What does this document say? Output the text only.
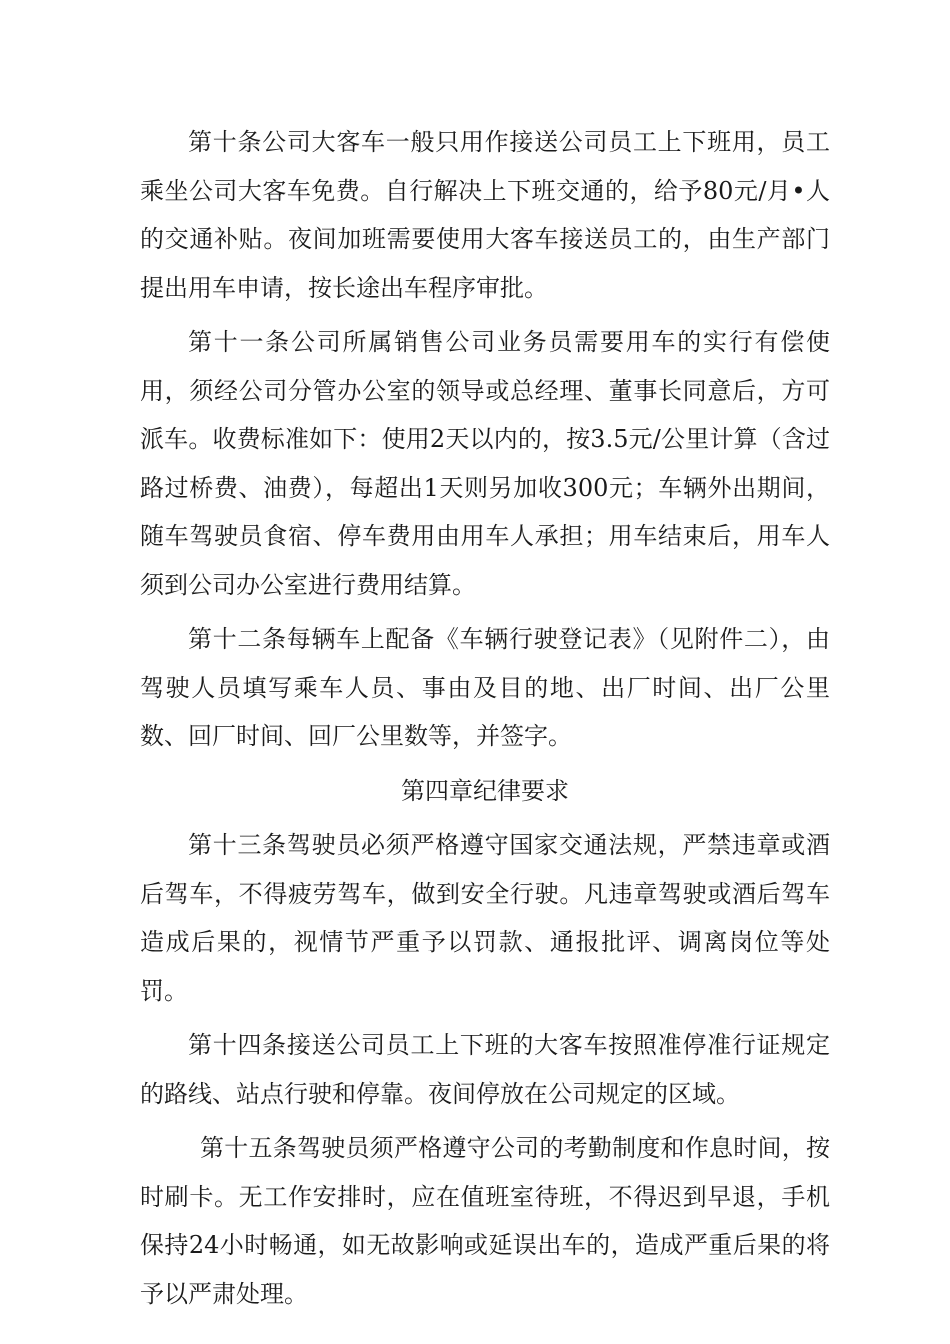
第十条公司大客车一般只用作接送公司员工上下班用，员工乘坐公司大客车免费。自行解决上下班交通的，给予80元/月•人的交通补贴。夜间加班需要使用大客车接送员工的，由生产部门提出用车申请，按长途出车程序审批。

第十一条公司所属销售公司业务员需要用车的实行有偿使用，须经公司分管办公室的领导或总经理、董事长同意后，方可派车。收费标准如下：使用2天以内的，按3.5元/公里计算（含过路过桥费、油费），每超出1天则另加收300元；车辆外出期间，随车驾驶员食宿、停车费用由用车人承担；用车结束后，用车人须到公司办公室进行费用结算。

第十二条每辆车上配备《车辆行驶登记表》（见附件二），由驾驶人员填写乘车人员、事由及目的地、出厂时间、出厂公里数、回厂时间、回厂公里数等，并签字。

第四章纪律要求

第十三条驾驶员必须严格遵守国家交通法规，严禁违章或酒后驾车，不得疲劳驾车，做到安全行驶。凡违章驾驶或酒后驾车造成后果的，视情节严重予以罚款、通报批评、调离岗位等处罚。

第十四条接送公司员工上下班的大客车按照准停准行证规定的路线、站点行驶和停靠。夜间停放在公司规定的区域。

第十五条驾驶员须严格遵守公司的考勤制度和作息时间，按时刷卡。无工作安排时，应在值班室待班，不得迟到早退，手机保持24小时畅通，如无故影响或延误出车的，造成严重后果的将予以严肃处理。
